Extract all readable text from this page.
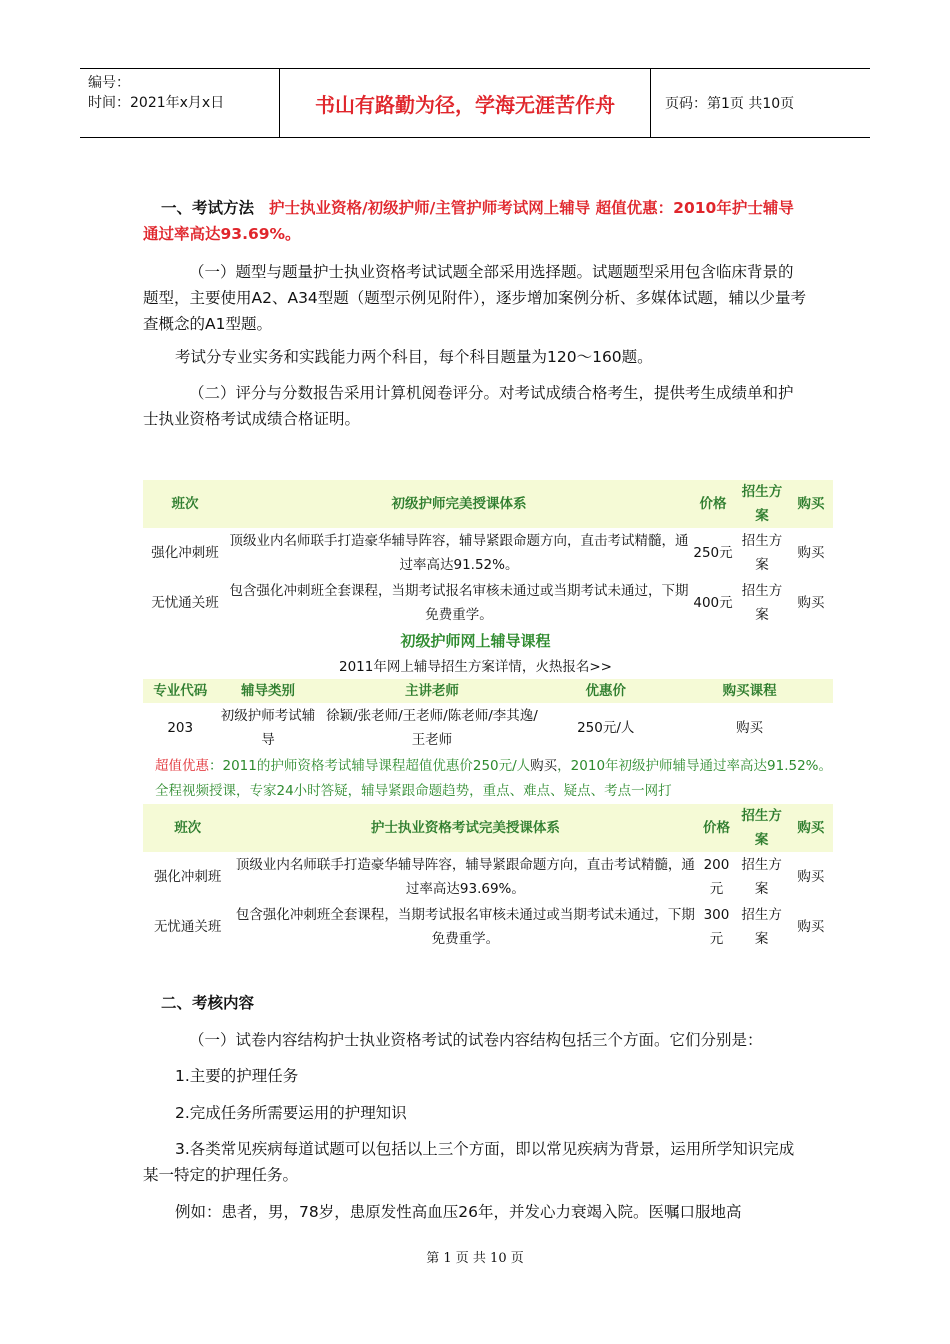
编号：
时间：2021年x月x日	书山有路勤为径，学海无涯苦作舟	页码：第1页 共10页
一、考试方法 护士执业资格/初级护师/主管护师考试网上辅导 超值优惠：2010年护士辅导通过率高达93.69%。
（一）题型与题量护士执业资格考试试题全部采用选择题。试题题型采用包含临床背景的题型，主要使用A2、A34型题（题型示例见附件），逐步增加案例分析、多媒体试题，辅以少量考查概念的A1型题。
考试分专业实务和实践能力两个科目，每个科目题量为120～160题。
（二）评分与分数报告采用计算机阅卷评分。对考试成绩合格考生，提供考生成绩单和护士执业资格考试成绩合格证明。
班次	初级护师完美授课体系	价格	招生方案	购买
强化冲刺班	顶级业内名师联手打造豪华辅导阵容，辅导紧跟命题方向，直击考试精髓，通过率高达91.52%。	250元	招生方案	购买
无忧通关班	包含强化冲刺班全套课程，当期考试报名审核未通过或当期考试未通过，下期免费重学。	400元	招生方案	购买
初级护师网上辅导课程
2011年网上辅导招生方案详情，火热报名>>
专业代码	辅导类别	主讲老师	优惠价	购买课程
203	初级护师考试辅导	徐颖/张老师/王老师/陈老师/李其逸/王老师	250元/人	购买
超值优惠：2011的护师资格考试辅导课程超值优惠价250元/人购买，2010年初级护师辅导通过率高达91.52%。全程视频授课，专家24小时答疑，辅导紧跟命题趋势，重点、难点、疑点、考点一网打
班次	护士执业资格考试完美授课体系	价格	招生方案	购买
强化冲刺班	顶级业内名师联手打造豪华辅导阵容，辅导紧跟命题方向，直击考试精髓，通过率高达93.69%。	200元	招生方案	购买
无忧通关班	包含强化冲刺班全套课程，当期考试报名审核未通过或当期考试未通过，下期免费重学。	300元	招生方案	购买
二、考核内容
（一）试卷内容结构护士执业资格考试的试卷内容结构包括三个方面。它们分别是：
1.主要的护理任务
2.完成任务所需要运用的护理知识
3.各类常见疾病每道试题可以包括以上三个方面，即以常见疾病为背景，运用所学知识完成某一特定的护理任务。
例如：患者，男，78岁，患原发性高血压26年，并发心力衰竭入院。医嘱口服地高
第 1 页 共 10 页
